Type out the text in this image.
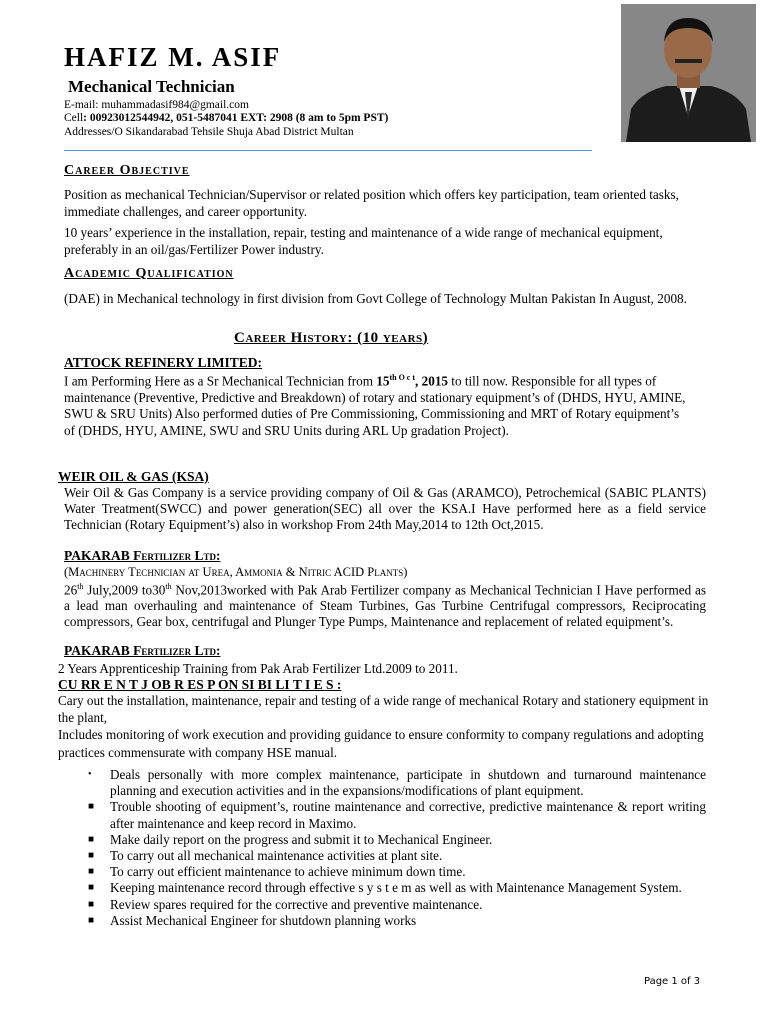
HAFIZ M. ASIF
Mechanical Technician
E-mail: muhammadasif984@gmail.com
Cell: 00923012544942, 051-5487041 EXT: 2908 (8 am to 5pm PST)
Addresses/O Sikandarabad Tehsile Shuja Abad District Multan
Career Objective
Position as mechanical Technician/Supervisor or related position which offers key participation, team oriented tasks, immediate challenges, and career opportunity.
10 years’ experience in the installation, repair, testing and maintenance of a wide range of mechanical equipment, preferably in an oil/gas/Fertilizer Power industry.
Academic Qualification
(DAE) in Mechanical technology in first division from Govt College of Technology Multan Pakistan In August, 2008.
Career History: (10 years)
ATTOCK REFINERY LIMITED:
I am Performing Here as a Sr Mechanical Technician from $15^{th O c t}$, 2015 to till now. Responsible for all types of maintenance (Preventive, Predictive and Breakdown) of rotary and stationary equipment’s of (DHDS, HYU, AMINE, SWU & SRU Units) Also performed duties of Pre Commissioning, Commissioning and MRT of Rotary equipment’s of (DHDS, HYU, AMINE, SWU and SRU Units during ARL Up gradation Project).
WEIR OIL & GAS (KSA)
Weir Oil & Gas Company is a service providing company of Oil & Gas (ARAMCO), Petrochemical (SABIC PLANTS) Water Treatment(SWCC) and power generation(SEC) all over the KSA.I Have performed here as a field service Technician (Rotary Equipment’s) also in workshop From 24th May,2014 to 12th Oct,2015.
PAKARAB Fertilizer Ltd:
(Machinery Technician at Urea, Ammonia & Nitric ACID Plants)
26th July,2009 to30th Nov,2013worked with Pak Arab Fertilizer company as Mechanical Technician I Have performed as a lead man overhauling and maintenance of Steam Turbines, Gas Turbine Centrifugal compressors, Reciprocating compressors, Gear box, centrifugal and Plunger Type Pumps, Maintenance and replacement of related equipment’s.
PAKARAB Fertilizer Ltd:
2 Years Apprenticeship Training from Pak Arab Fertilizer Ltd.2009 to 2011.
CU RR E N T J OB R ES P ON SI BI LI T I E S :
Cary out the installation, maintenance, repair and testing of a wide range of mechanical Rotary and stationery equipment in the plant,
Includes monitoring of work execution and providing guidance to ensure conformity to company regulations and adopting practices commensurate with company HSE manual.
• Deals personally with more complex maintenance, participate in shutdown and turnaround maintenance planning and execution activities and in the expansions/modifications of plant equipment.
■ Trouble shooting of equipment’s, routine maintenance and corrective, predictive maintenance & report writing after maintenance and keep record in Maximo.
■ Make daily report on the progress and submit it to Mechanical Engineer.
■ To carry out all mechanical maintenance activities at plant site.
■ To carry out efficient maintenance to achieve minimum down time.
■ Keeping maintenance record through effective s y s t e m as well as with Maintenance Management System.
■ Review spares required for the corrective and preventive maintenance.
■ Assist Mechanical Engineer for shutdown planning works
Page 1 of 3
